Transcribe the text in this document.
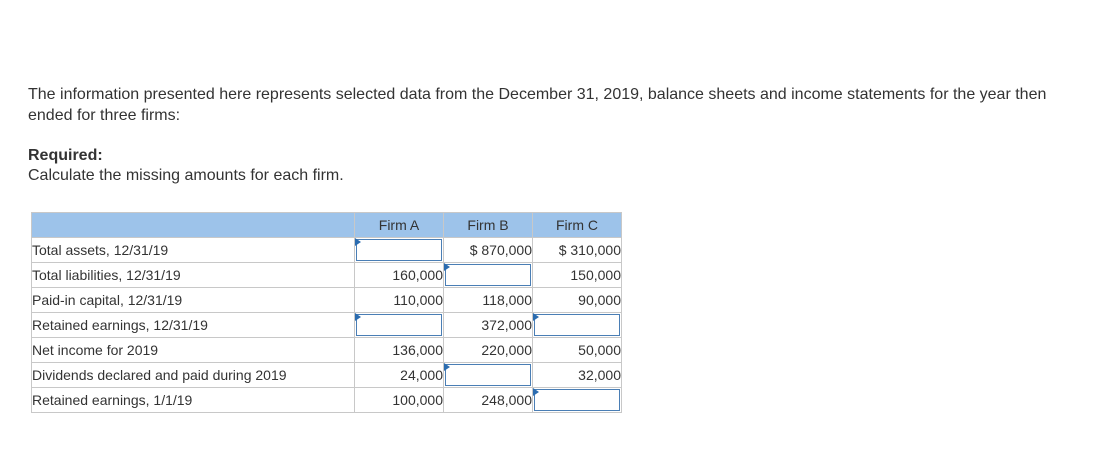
The information presented here represents selected data from the December 31, 2019, balance sheets and income statements for the year then ended for three firms:
Required:
Calculate the missing amounts for each firm.
	Firm A	Firm B	Firm C
Total assets, 12/31/19		$ 870,000	$ 310,000
Total liabilities, 12/31/19	160,000		150,000
Paid-in capital, 12/31/19	110,000	118,000	90,000
Retained earnings, 12/31/19		372,000	

Net income for 2019	136,000	220,000	50,000
Dividends declared and paid during 2019	24,000		32,000
Retained earnings, 1/1/19	100,000	248,000	
